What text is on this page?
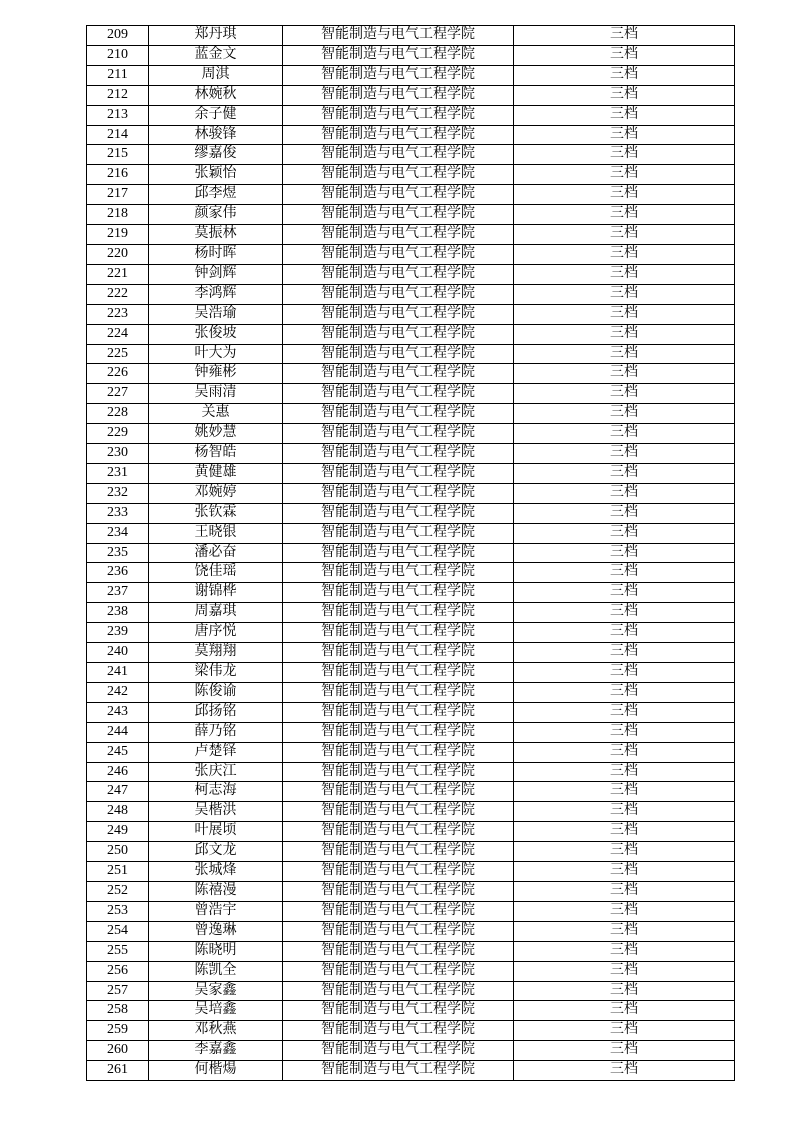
209	郑丹琪	智能制造与电气工程学院	三档
210	蓝金文	智能制造与电气工程学院	三档
211	周淇	智能制造与电气工程学院	三档
212	林婉秋	智能制造与电气工程学院	三档
213	余子健	智能制造与电气工程学院	三档
214	林骏锋	智能制造与电气工程学院	三档
215	缪嘉俊	智能制造与电气工程学院	三档
216	张颖怡	智能制造与电气工程学院	三档
217	邱李煜	智能制造与电气工程学院	三档
218	颜家伟	智能制造与电气工程学院	三档
219	莫振林	智能制造与电气工程学院	三档
220	杨时晖	智能制造与电气工程学院	三档
221	钟剑辉	智能制造与电气工程学院	三档
222	李鸿辉	智能制造与电气工程学院	三档
223	吴浩瑜	智能制造与电气工程学院	三档
224	张俊坡	智能制造与电气工程学院	三档
225	叶大为	智能制造与电气工程学院	三档
226	钟雍彬	智能制造与电气工程学院	三档
227	吴雨清	智能制造与电气工程学院	三档
228	关惠	智能制造与电气工程学院	三档
229	姚妙慧	智能制造与电气工程学院	三档
230	杨智皓	智能制造与电气工程学院	三档
231	黄健雄	智能制造与电气工程学院	三档
232	邓婉婷	智能制造与电气工程学院	三档
233	张钦霖	智能制造与电气工程学院	三档
234	王晓银	智能制造与电气工程学院	三档
235	潘必奋	智能制造与电气工程学院	三档
236	饶佳瑶	智能制造与电气工程学院	三档
237	谢锦桦	智能制造与电气工程学院	三档
238	周嘉琪	智能制造与电气工程学院	三档
239	唐序悦	智能制造与电气工程学院	三档
240	莫翔翔	智能制造与电气工程学院	三档
241	梁伟龙	智能制造与电气工程学院	三档
242	陈俊谕	智能制造与电气工程学院	三档
243	邱扬铭	智能制造与电气工程学院	三档
244	薛乃铭	智能制造与电气工程学院	三档
245	卢楚铎	智能制造与电气工程学院	三档
246	张庆江	智能制造与电气工程学院	三档
247	柯志海	智能制造与电气工程学院	三档
248	吴楷洪	智能制造与电气工程学院	三档
249	叶展顷	智能制造与电气工程学院	三档
250	邱文龙	智能制造与电气工程学院	三档
251	张城烽	智能制造与电气工程学院	三档
252	陈禧漫	智能制造与电气工程学院	三档
253	曾浩宇	智能制造与电气工程学院	三档
254	曾逸琳	智能制造与电气工程学院	三档
255	陈晓明	智能制造与电气工程学院	三档
256	陈凯全	智能制造与电气工程学院	三档
257	吴家鑫	智能制造与电气工程学院	三档
258	吴培鑫	智能制造与电气工程学院	三档
259	邓秋燕	智能制造与电气工程学院	三档
260	李嘉鑫	智能制造与电气工程学院	三档
261	何楷煬	智能制造与电气工程学院	三档
